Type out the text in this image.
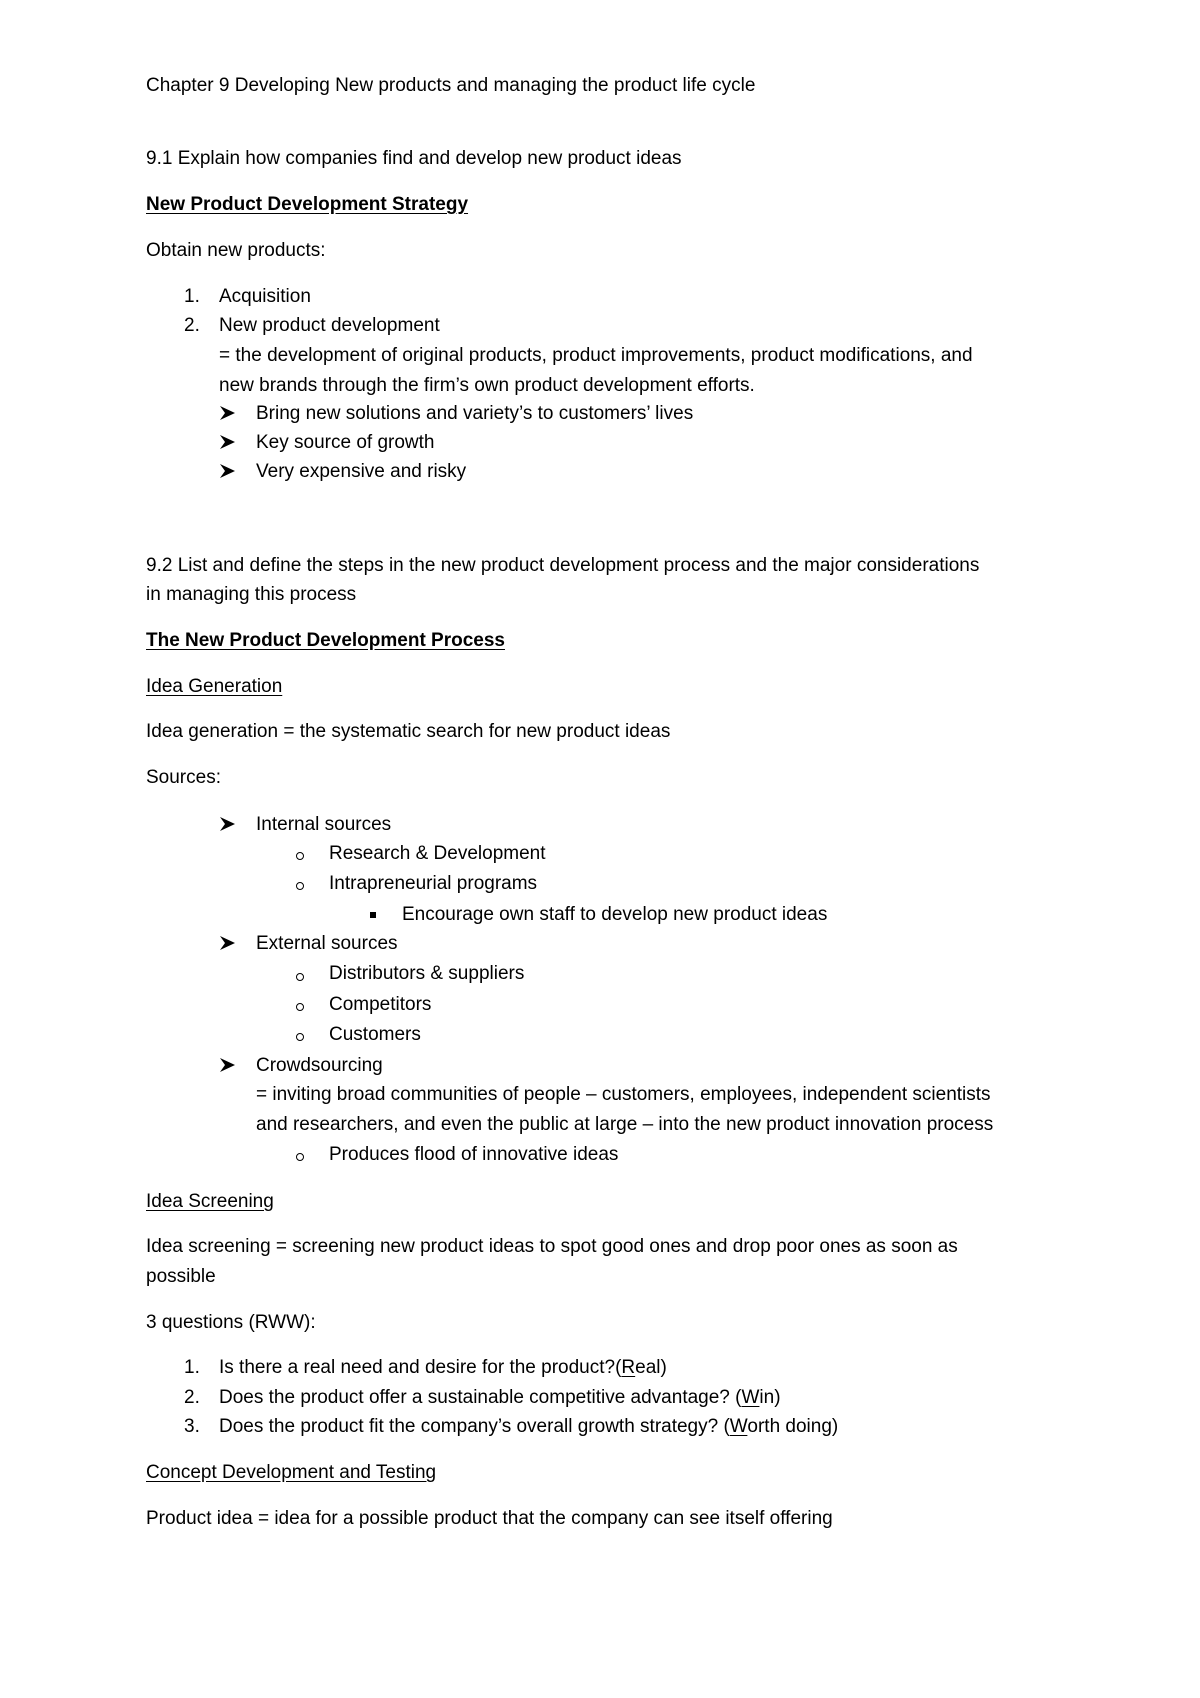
Chapter 9 Developing New products and managing the product life cycle
9.1 Explain how companies find and develop new product ideas
New Product Development Strategy
Obtain new products:
1. Acquisition
2. New product development
= the development of original products, product improvements, product modifications, and
new brands through the firm’s own product development efforts.
Bring new solutions and variety’s to customers’ lives
Key source of growth
Very expensive and risky
9.2 List and define the steps in the new product development process and the major considerations
in managing this process
The New Product Development Process
Idea Generation
Idea generation = the systematic search for new product ideas
Sources:
Internal sources
Research & Development
Intrapreneurial programs
Encourage own staff to develop new product ideas
External sources
Distributors & suppliers
Competitors
Customers
Crowdsourcing
= inviting broad communities of people – customers, employees, independent scientists
and researchers, and even the public at large – into the new product innovation process
Produces flood of innovative ideas
Idea Screening
Idea screening = screening new product ideas to spot good ones and drop poor ones as soon as
possible
3 questions (RWW):
1. Is there a real need and desire for the product?(Real)
2. Does the product offer a sustainable competitive advantage? (Win)
3. Does the product fit the company’s overall growth strategy? (Worth doing)
Concept Development and Testing
Product idea = idea for a possible product that the company can see itself offering
